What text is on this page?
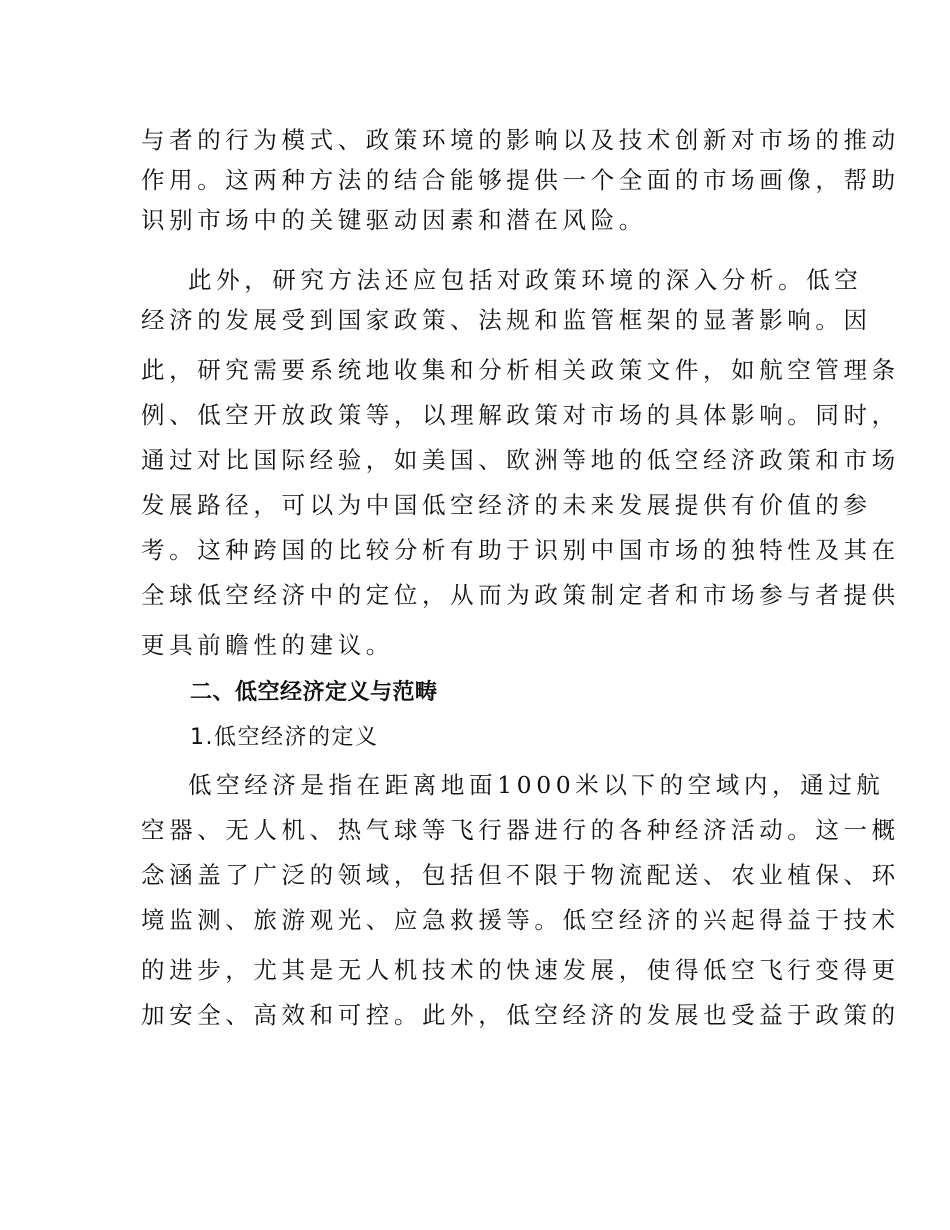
与者的行为模式、政策环境的影响以及技术创新对市场的推动
作用。这两种方法的结合能够提供一个全面的市场画像，帮助
识别市场中的关键驱动因素和潜在风险。
此外，研究方法还应包括对政策环境的深入分析。低空
经济的发展受到国家政策、法规和监管框架的显著影响。因
此，研究需要系统地收集和分析相关政策文件，如航空管理条
例、低空开放政策等，以理解政策对市场的具体影响。同时，
通过对比国际经验，如美国、欧洲等地的低空经济政策和市场
发展路径，可以为中国低空经济的未来发展提供有价值的参
考。这种跨国的比较分析有助于识别中国市场的独特性及其在
全球低空经济中的定位，从而为政策制定者和市场参与者提供
更具前瞻性的建议。
二、低空经济定义与范畴
1.低空经济的定义
低空经济是指在距离地面1000米以下的空域内，通过航
空器、无人机、热气球等飞行器进行的各种经济活动。这一概
念涵盖了广泛的领域，包括但不限于物流配送、农业植保、环
境监测、旅游观光、应急救援等。低空经济的兴起得益于技术
的进步，尤其是无人机技术的快速发展，使得低空飞行变得更
加安全、高效和可控。此外，低空经济的发展也受益于政策的
